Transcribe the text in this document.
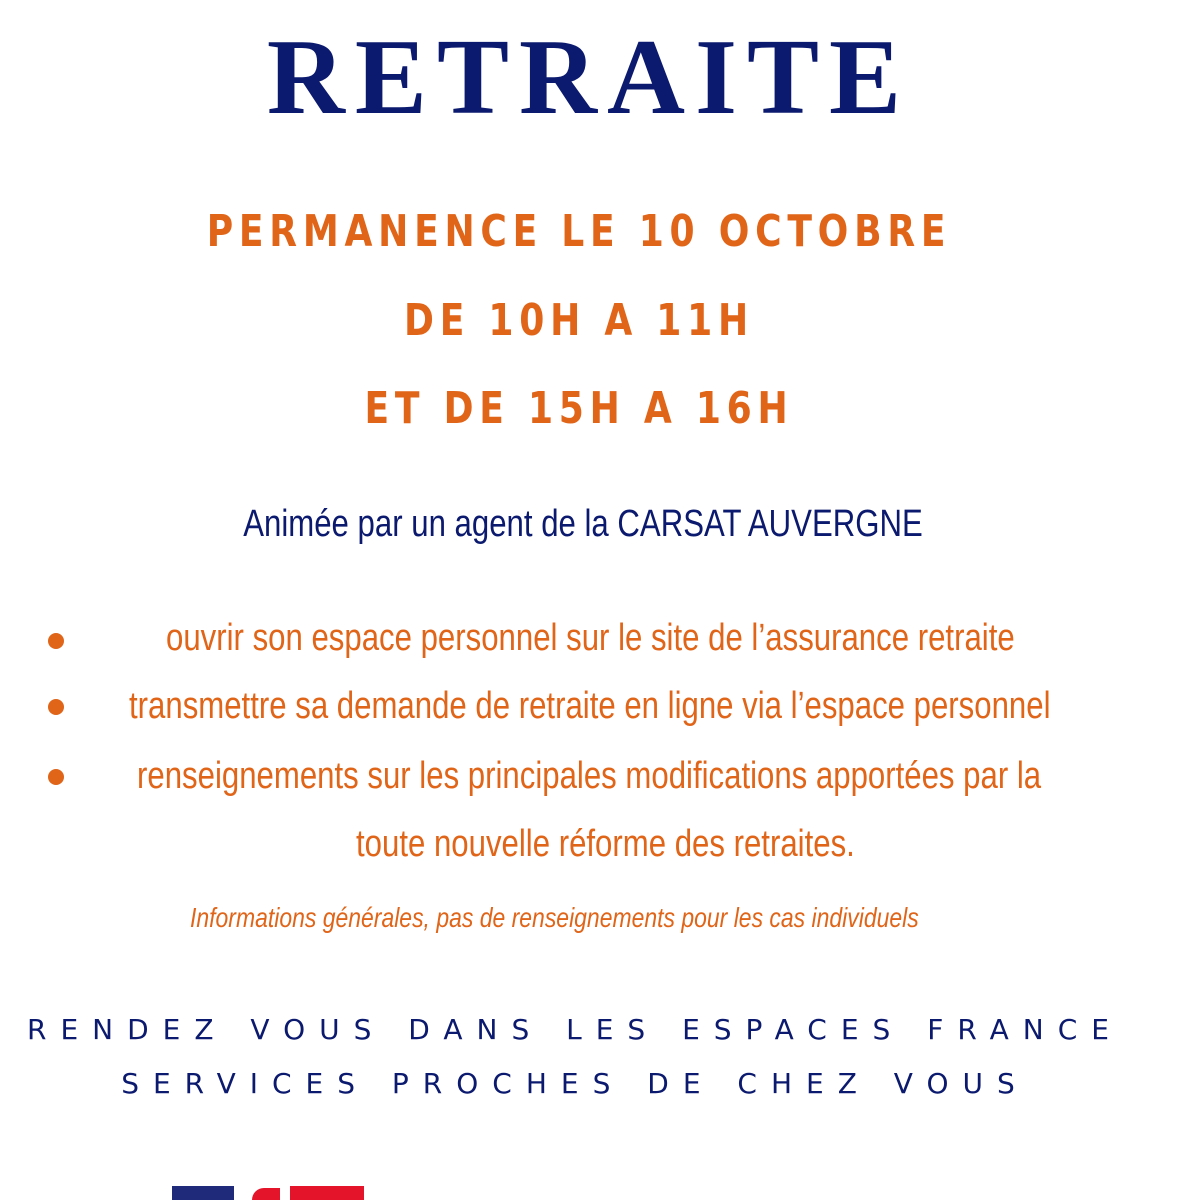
RETRAITE
PERMANENCE LE 10 OCTOBRE
DE 10H A 11H
ET DE 15H A 16H
Animée par un agent de la CARSAT AUVERGNE
ouvrir son espace personnel sur le site de l’assurance retraite
transmettre sa demande de retraite en ligne via l’espace personnel
renseignements sur les principales modifications apportées par la
toute nouvelle réforme des retraites.
Informations générales, pas de renseignements pour les cas individuels
RENDEZ VOUS DANS LES ESPACES FRANCE
SERVICES PROCHES DE CHEZ VOUS
